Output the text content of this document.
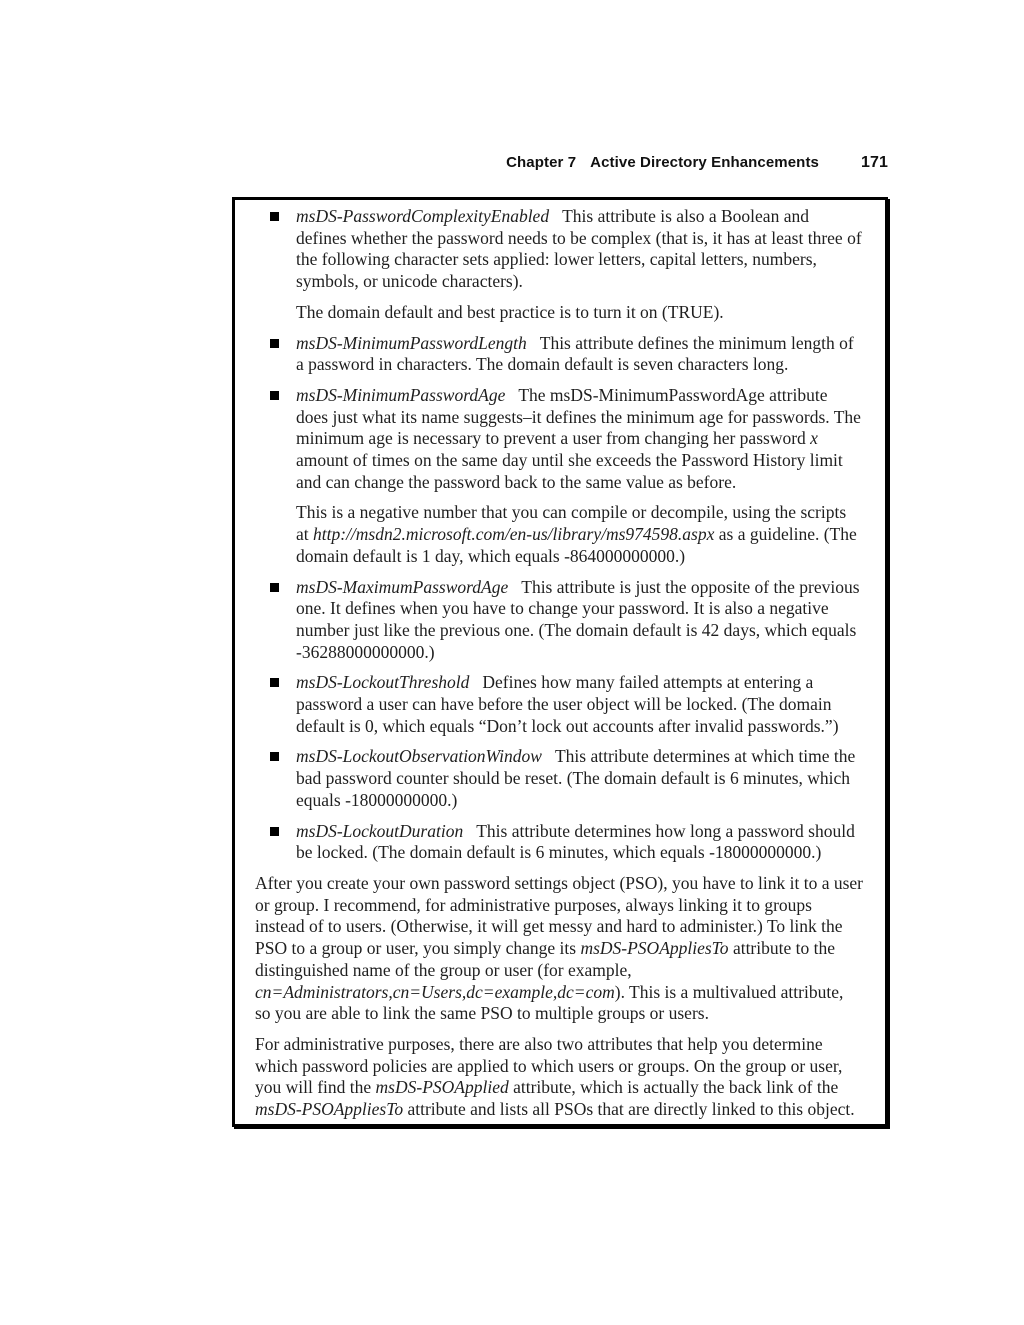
Chapter 7 Active Directory Enhancements	171

msDS-PasswordComplexityEnabled This attribute is also a Boolean and defines whether the password needs to be complex (that is, it has at least three of the following character sets applied: lower letters, capital letters, numbers, symbols, or unicode characters).

The domain default and best practice is to turn it on (TRUE).

msDS-MinimumPasswordLength This attribute defines the minimum length of a password in characters. The domain default is seven characters long.

msDS-MinimumPasswordAge The msDS-MinimumPasswordAge attribute does just what its name suggests–it defines the minimum age for passwords. The minimum age is necessary to prevent a user from changing her password x amount of times on the same day until she exceeds the Password History limit and can change the password back to the same value as before.

This is a negative number that you can compile or decompile, using the scripts at http://msdn2.microsoft.com/en-us/library/ms974598.aspx as a guideline. (The domain default is 1 day, which equals -864000000000.)

msDS-MaximumPasswordAge This attribute is just the opposite of the previous one. It defines when you have to change your password. It is also a negative number just like the previous one. (The domain default is 42 days, which equals -36288000000000.)

msDS-LockoutThreshold Defines how many failed attempts at entering a password a user can have before the user object will be locked. (The domain default is 0, which equals “Don’t lock out accounts after invalid passwords.”)

msDS-LockoutObservationWindow This attribute determines at which time the bad password counter should be reset. (The domain default is 6 minutes, which equals -18000000000.)

msDS-LockoutDuration This attribute determines how long a password should be locked. (The domain default is 6 minutes, which equals -18000000000.)

After you create your own password settings object (PSO), you have to link it to a user or group. I recommend, for administrative purposes, always linking it to groups instead of to users. (Otherwise, it will get messy and hard to administer.) To link the PSO to a group or user, you simply change its msDS-PSOAppliesTo attribute to the distinguished name of the group or user (for example, cn=Administrators,cn=Users,dc=example,dc=com). This is a multivalued attribute, so you are able to link the same PSO to multiple groups or users.

For administrative purposes, there are also two attributes that help you determine which password policies are applied to which users or groups. On the group or user, you will find the msDS-PSOApplied attribute, which is actually the back link of the msDS-PSOAppliesTo attribute and lists all PSOs that are directly linked to this object.
